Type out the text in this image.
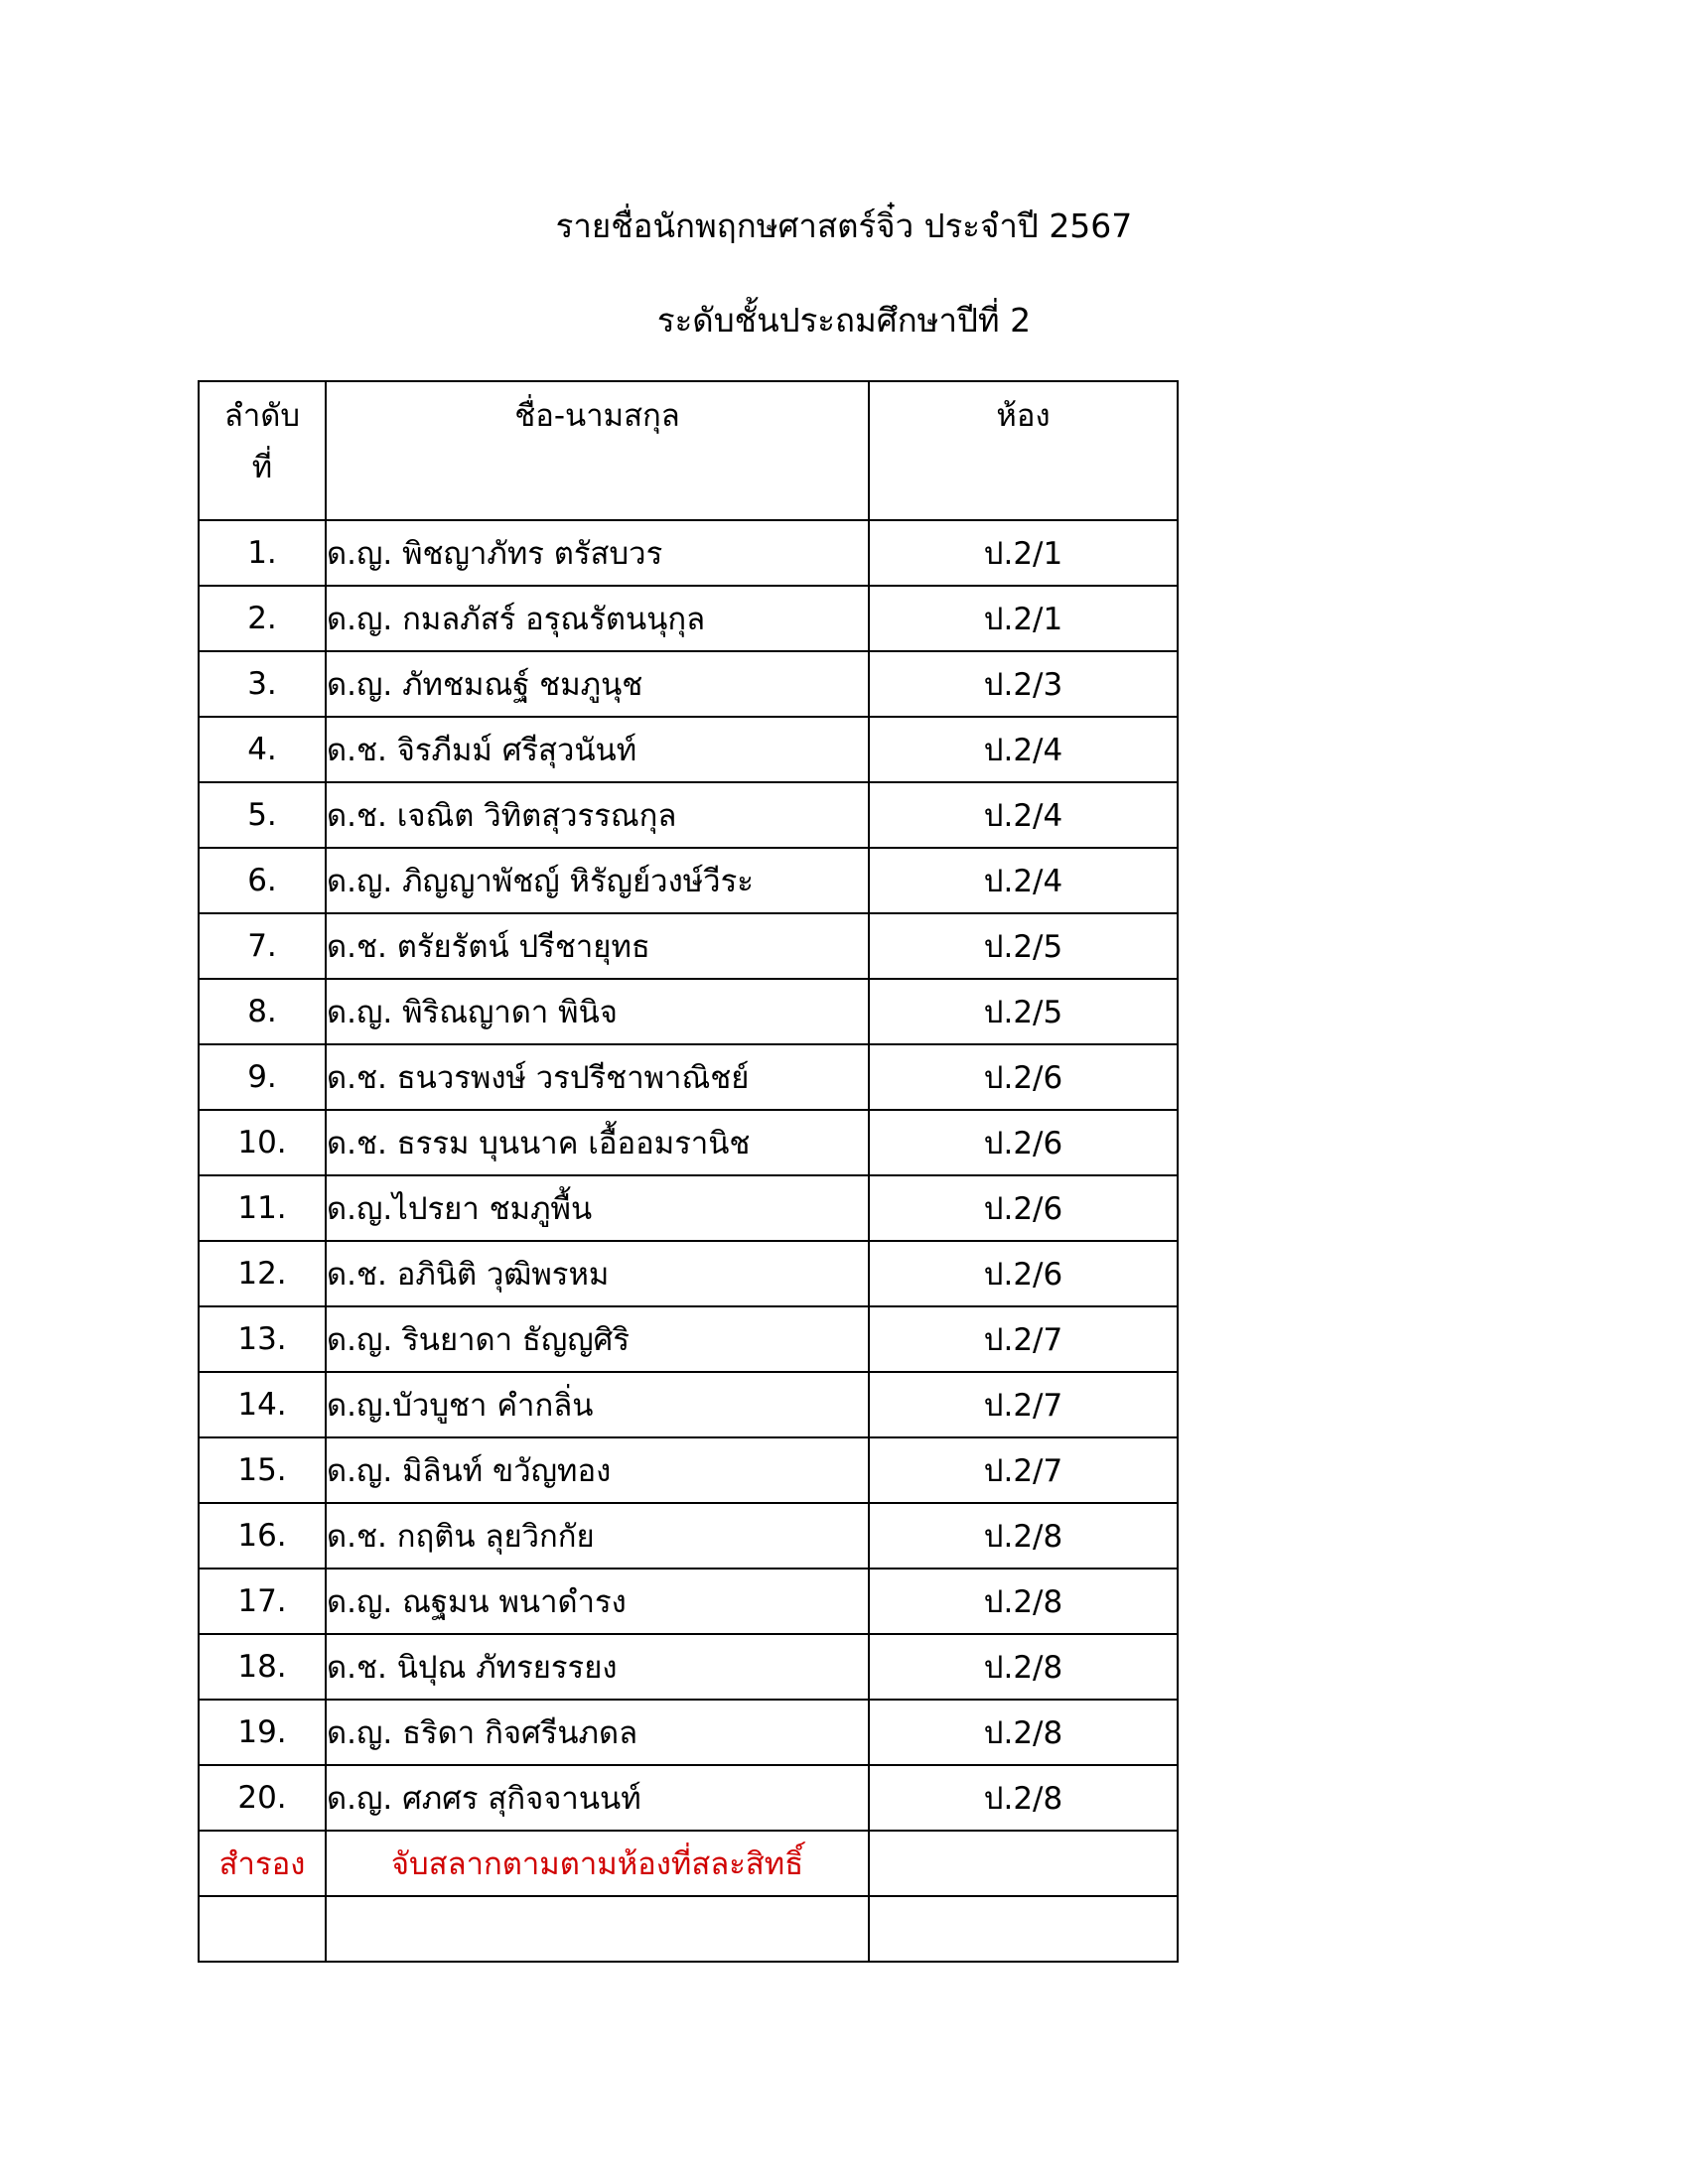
รายชื่อนักพฤกษศาสตร์จิ๋ว ประจำปี 2567
ระดับชั้นประถมศึกษาปีที่ 2
ลำดับที่	ชื่อ-นามสกุล	ห้อง
1.	ด.ญ. พิชญาภัทร ตรัสบวร	ป.2/1
2.	ด.ญ. กมลภัสร์ อรุณรัตนนุกุล	ป.2/1
3.	ด.ญ. ภัทชมณฐ์ ชมภูนุช	ป.2/3
4.	ด.ช. จิรภีมม์ ศรีสุวนันท์	ป.2/4
5.	ด.ช. เจณิต วิทิตสุวรรณกุล	ป.2/4
6.	ด.ญ. ภิญญาพัชญ์ หิรัญย์วงษ์วีระ	ป.2/4
7.	ด.ช. ตรัยรัตน์ ปรีชายุทธ	ป.2/5
8.	ด.ญ. พิริณญาดา พินิจ	ป.2/5
9.	ด.ช. ธนวรพงษ์ วรปรีชาพาณิชย์	ป.2/6
10.	ด.ช. ธรรม บุนนาค เอื้ออมรานิช	ป.2/6
11.	ด.ญ.ไปรยา ชมภูพื้น	ป.2/6
12.	ด.ช. อภินิติ วุฒิพรหม	ป.2/6
13.	ด.ญ. รินยาดา ธัญญศิริ	ป.2/7
14.	ด.ญ.บัวบูชา คำกลิ่น	ป.2/7
15.	ด.ญ. มิลินท์ ขวัญทอง	ป.2/7
16.	ด.ช. กฤติน ลุยวิกกัย	ป.2/8
17.	ด.ญ. ณฐมน พนาดำรง	ป.2/8
18.	ด.ช. นิปุณ ภัทรยรรยง	ป.2/8
19.	ด.ญ. ธริดา กิจศรีนภดล	ป.2/8
20.	ด.ญ. ศภศร สุกิจจานนท์	ป.2/8
สำรอง	จับสลากตามตามห้องที่สละสิทธิ์	
